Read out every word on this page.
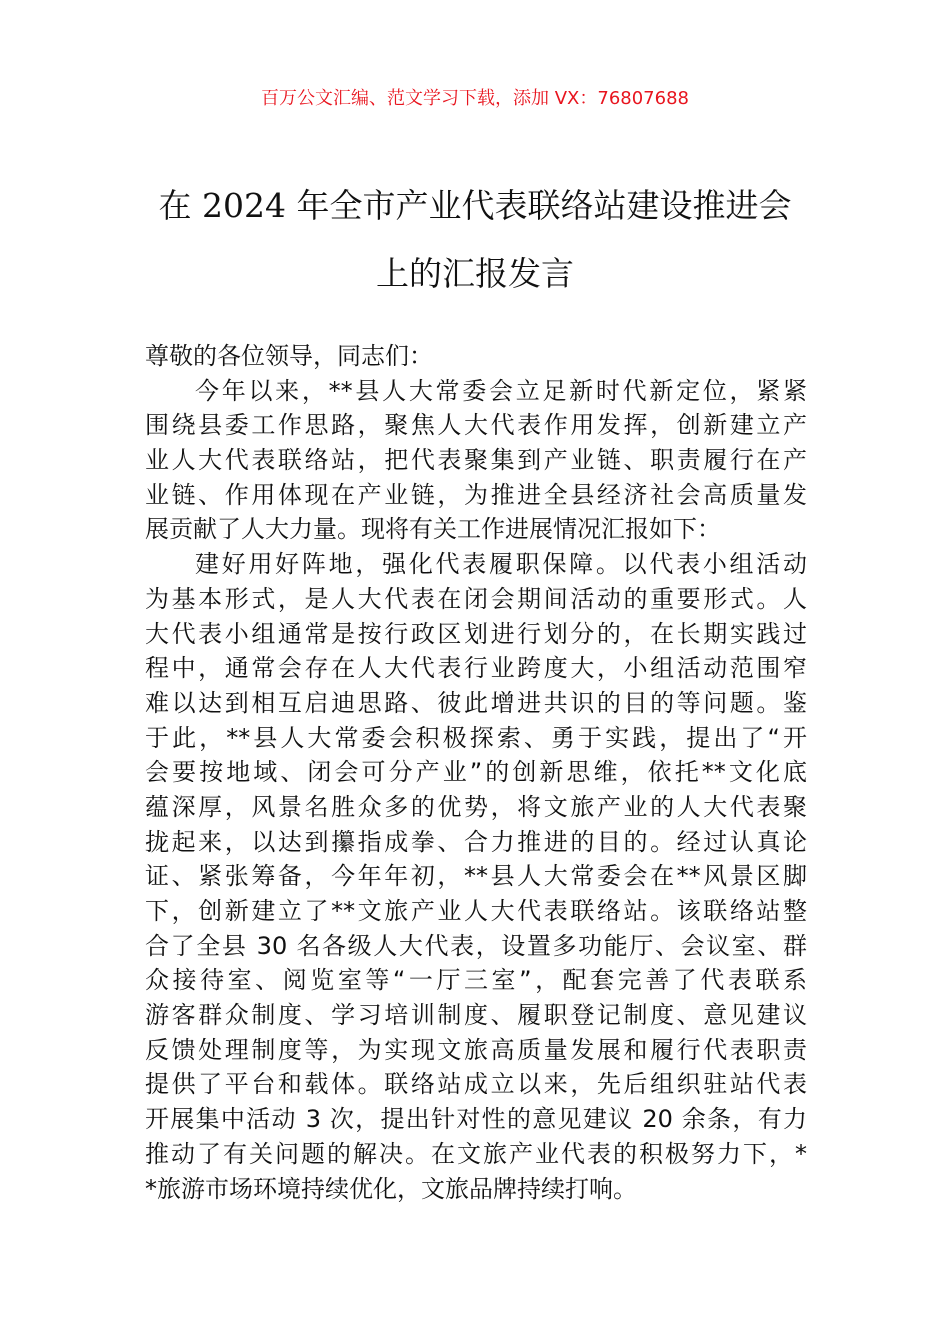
百万公文汇编、范文学习下载，添加 VX：76807688
在 2024 年全市产业代表联络站建设推进会
上的汇报发言
尊敬的各位领导，同志们：
今年以来，**县人大常委会立足新时代新定位，紧紧
围绕县委工作思路，聚焦人大代表作用发挥，创新建立产
业人大代表联络站，把代表聚集到产业链、职责履行在产
业链、作用体现在产业链，为推进全县经济社会高质量发
展贡献了人大力量。现将有关工作进展情况汇报如下：
建好用好阵地，强化代表履职保障。以代表小组活动
为基本形式，是人大代表在闭会期间活动的重要形式。人
大代表小组通常是按行政区划进行划分的，在长期实践过
程中，通常会存在人大代表行业跨度大，小组活动范围窄
难以达到相互启迪思路、彼此增进共识的目的等问题。鉴
于此，**县人大常委会积极探索、勇于实践，提出了“开
会要按地域、闭会可分产业”的创新思维，依托**文化底
蕴深厚，风景名胜众多的优势，将文旅产业的人大代表聚
拢起来，以达到攥指成拳、合力推进的目的。经过认真论
证、紧张筹备，今年年初，**县人大常委会在**风景区脚
下，创新建立了**文旅产业人大代表联络站。该联络站整
合了全县 30 名各级人大代表，设置多功能厅、会议室、群
众接待室、阅览室等“一厅三室”，配套完善了代表联系
游客群众制度、学习培训制度、履职登记制度、意见建议
反馈处理制度等，为实现文旅高质量发展和履行代表职责
提供了平台和载体。联络站成立以来，先后组织驻站代表
开展集中活动 3 次，提出针对性的意见建议 20 余条，有力
推动了有关问题的解决。在文旅产业代表的积极努力下，*
*旅游市场环境持续优化，文旅品牌持续打响。
